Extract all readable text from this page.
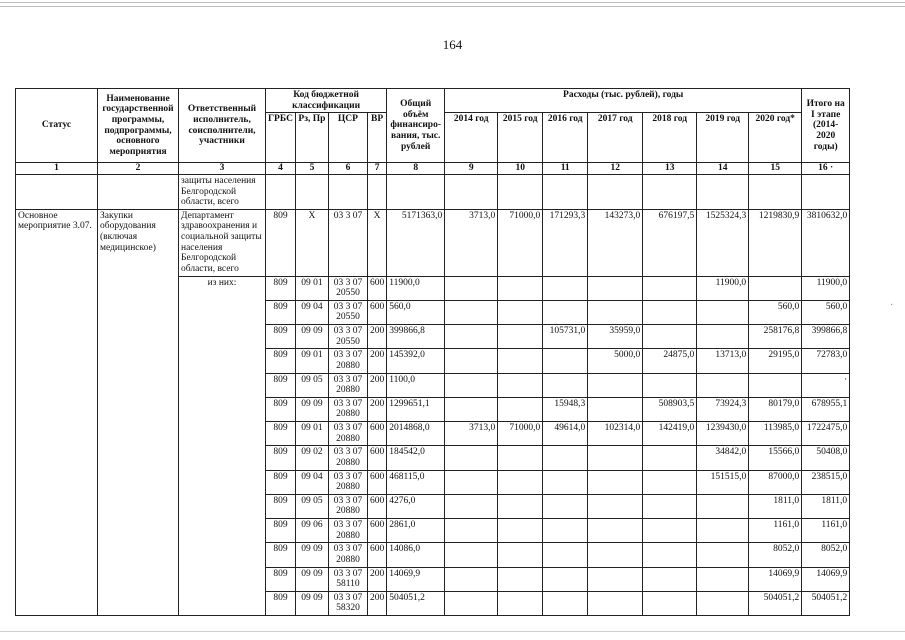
164
Статус	Наименование государственной программы, подпрограммы, основного мероприятия	Ответственный исполнитель, соисполнители, участники	Код бюджетной классификации				Общий объём финансиро-вания, тыс. рублей	Расходы (тыс. рублей), годы							Итого на I этапе (2014-2020 годы)
			ГРБС	Рз, Пр	ЦСР	ВР		2014 год	2015 год	2016 год	2017 год	2018 год	2019 год	2020 год*	
1	2	3	4	5	6	7	8	9	10	11	12	13	14	15	16 ·
		защиты населения Белгородской области, всего													
Основное мероприятие 3.07.	Закупки оборудования (включая медицинское)	Департамент здравоохранения и социальной защиты населения Белгородской области, всего	809	X	03 3 07	X	5171363,0	3713,0	71000,0	171293,3	143273,0	676197,5	1525324,3	1219830,9	3810632,0
		из них:	809	09 01	03 3 07 20550	600	11900,0						11900,0		11900,0
			809	09 04	03 3 07 20550	600	560,0							560,0	560,0
			809	09 09	03 3 07 20550	200	399866,8			105731,0	35959,0			258176,8	399866,8
			809	09 01	03 3 07 20880	200	145392,0				5000,0	24875,0	13713,0	29195,0	72783,0
			809	09 05	03 3 07 20880	200	1100,0								·
			809	09 09	03 3 07 20880	200	1299651,1			15948,3		508903,5	73924,3	80179,0	678955,1
			809	09 01	03 3 07 20880	600	2014868,0	3713,0	71000,0	49614,0	102314,0	142419,0	1239430,0	113985,0	1722475,0
			809	09 02	03 3 07 20880	600	184542,0						34842,0	15566,0	50408,0
			809	09 04	03 3 07 20880	600	468115,0						151515,0	87000,0	238515,0
			809	09 05	03 3 07 20880	600	4276,0							1811,0	1811,0
			809	09 06	03 3 07 20880	600	2861,0							1161,0	1161,0
			809	09 09	03 3 07 20880	600	14086,0							8052,0	8052,0
			809	09 09	03 3 07 58110	200	14069,9							14069,9	14069,9
			809	09 09	03 3 07 58320	200	504051,2							504051,2	504051,2
·
